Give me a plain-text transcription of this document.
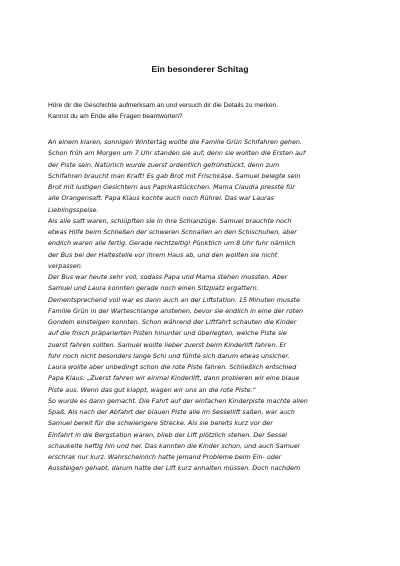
Ein besonderer Schitag

Höre dir die Geschichte aufmerksam an und versuch dir die Details zu merken.

Kannst du am Ende alle Fragen beantworten?

An einem klaren, sonnigen Wintertag wollte die Familie Grün Schifahren gehen.

Schon früh am Morgen um 7 Uhr standen sie auf, denn sie wollten die Ersten auf

der Piste sein. Natürlich wurde zuerst ordentlich gefrühstückt, denn zum

Schifahren braucht man Kraft! Es gab Brot mit Frischkäse. Samuel belegte sein

Brot mit lustigen Gesichtern aus Paprikastückchen. Mama Claudia presste für

alle Orangensaft. Papa Klaus kochte auch noch Rührei. Das war Lauras

Lieblingsspeise.

Als alle satt waren, schlüpften sie in ihre Schianzüge. Samuel brauchte noch

etwas Hilfe beim Schließen der schweren Schnallen an den Schischuhen, aber

endlich waren alle fertig. Gerade rechtzeitig! Pünktlich um 8 Uhr fuhr nämlich

der Bus bei der Haltestelle vor ihrem Haus ab, und den wollten sie nicht

verpassen.

Der Bus war heute sehr voll, sodass Papa und Mama stehen mussten. Aber

Samuel und Laura konnten gerade noch einen Sitzplatz ergattern.

Dementsprechend voll war es dann auch an der Liftstation. 15 Minuten musste

Familie Grün in der Warteschlange anstehen, bevor sie endlich in eine der roten

Gondeln einsteigen konnten. Schon während der Liftfahrt schauten die Kinder

auf die frisch präparierten Pisten hinunter und überlegten, welche Piste sie

zuerst fahren sollten. Samuel wollte lieber zuerst beim Kinderlift fahren. Er

fuhr noch nicht besonders lange Schi und fühlte sich darum etwas unsicher.

Laura wollte aber unbedingt schon die rote Piste fahren. Schließlich entschied

Papa Klaus: „Zuerst fahren wir einmal Kinderlift, dann probieren wir eine blaue

Piste aus. Wenn das gut klappt, wagen wir uns an die rote Piste.“

So wurde es dann gemacht. Die Fahrt auf der einfachen Kinderpiste machte allen

Spaß. Als nach der Abfahrt der blauen Piste alle im Sessellift saßen, war auch

Samuel bereit für die schwierigere Strecke. Als sie bereits kurz vor der

Einfahrt in die Bergstation waren, blieb der Lift plötzlich stehen. Der Sessel

schaukelte heftig hin und her. Das kannten die Kinder schon, und auch Samuel

erschrak nur kurz. Wahrscheinlich hatte jemand Probleme beim Ein- oder

Aussteigen gehabt, darum hatte der Lift kurz anhalten müssen. Doch nachdem
